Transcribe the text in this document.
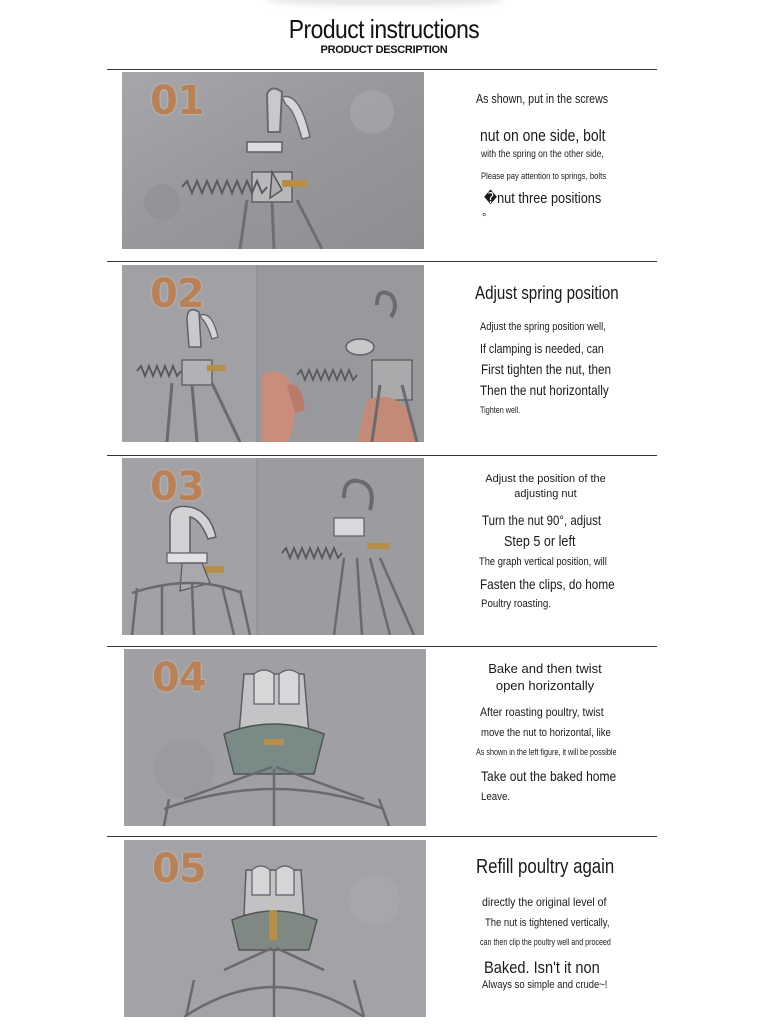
Product instructions
PRODUCT DESCRIPTION
01	As shown, put in the screws
nut on one side, bolt
with the spring on the other side,
Please pay attention to springs, bolts
�nut three positions
°
02	Adjust spring position
Adjust the spring position well,
If clamping is needed, can
First tighten the nut, then
Then the nut horizontally
Tighten well.
03	Adjust the position of the adjusting nut
Turn the nut 90°, adjust
Step 5 or left
The graph vertical position, will
Fasten the clips, do home
Poultry roasting.
04	Bake and then twist open horizontally
After roasting poultry, twist
move the nut to horizontal, like
As shown in the left figure, it will be possible
Take out the baked home
Leave.
05	Refill poultry again
directly the original level of
The nut is tightened vertically,
can then clip the poultry well and proceed
Baked. Isn't it non
Always so simple and crude~!
